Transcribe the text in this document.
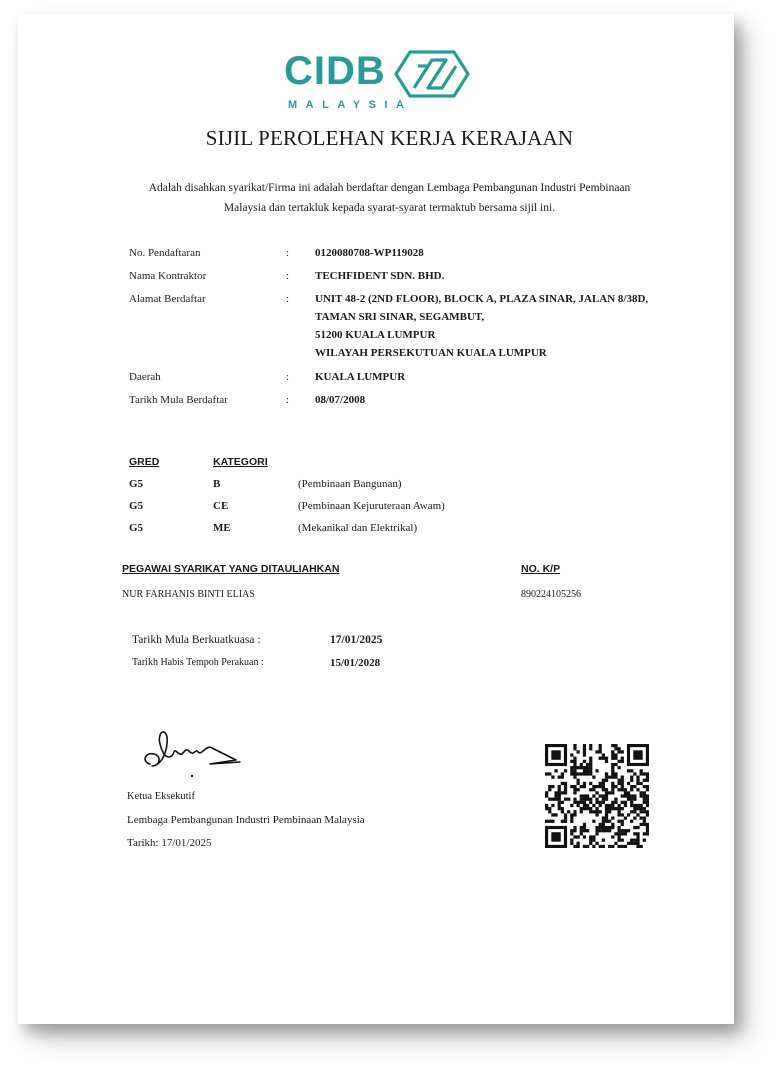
CIDB
MALAYSIA
SIJIL PEROLEHAN KERJA KERAJAAN
Adalah disahkan syarikat/Firma ini adalah berdaftar dengan Lembaga Pembangunan Industri Pembinaan
Malaysia dan tertakluk kepada syarat-syarat termaktub bersama sijil ini.
No. Pendaftaran	: 0120080708-WP119028
Nama Kontraktor	: TECHFIDENT SDN. BHD.
Alamat Berdaftar	: UNIT 48-2 (2ND FLOOR), BLOCK A, PLAZA SINAR, JALAN 8/38D,
TAMAN SRI SINAR, SEGAMBUT,
51200 KUALA LUMPUR
WILAYAH PERSEKUTUAN KUALA LUMPUR
Daerah	: KUALA LUMPUR
Tarikh Mula Berdaftar	: 08/07/2008
GRED	KATEGORI
G5	B	(Pembinaan Bangunan)
G5	CE	(Pembinaan Kejuruteraan Awam)
G5	ME	(Mekanikal dan Elektrikal)
PEGAWAI SYARIKAT YANG DITAULIAHKAN	NO. K/P
NUR FARHANIS BINTI ELIAS	890224105256
Tarikh Mula Berkuatkuasa :	17/01/2025
Tarikh Habis Tempoh Perakuan :	15/01/2028
Ketua Eksekutif
Lembaga Pembangunan Industri Pembinaan Malaysia
Tarikh: 17/01/2025
